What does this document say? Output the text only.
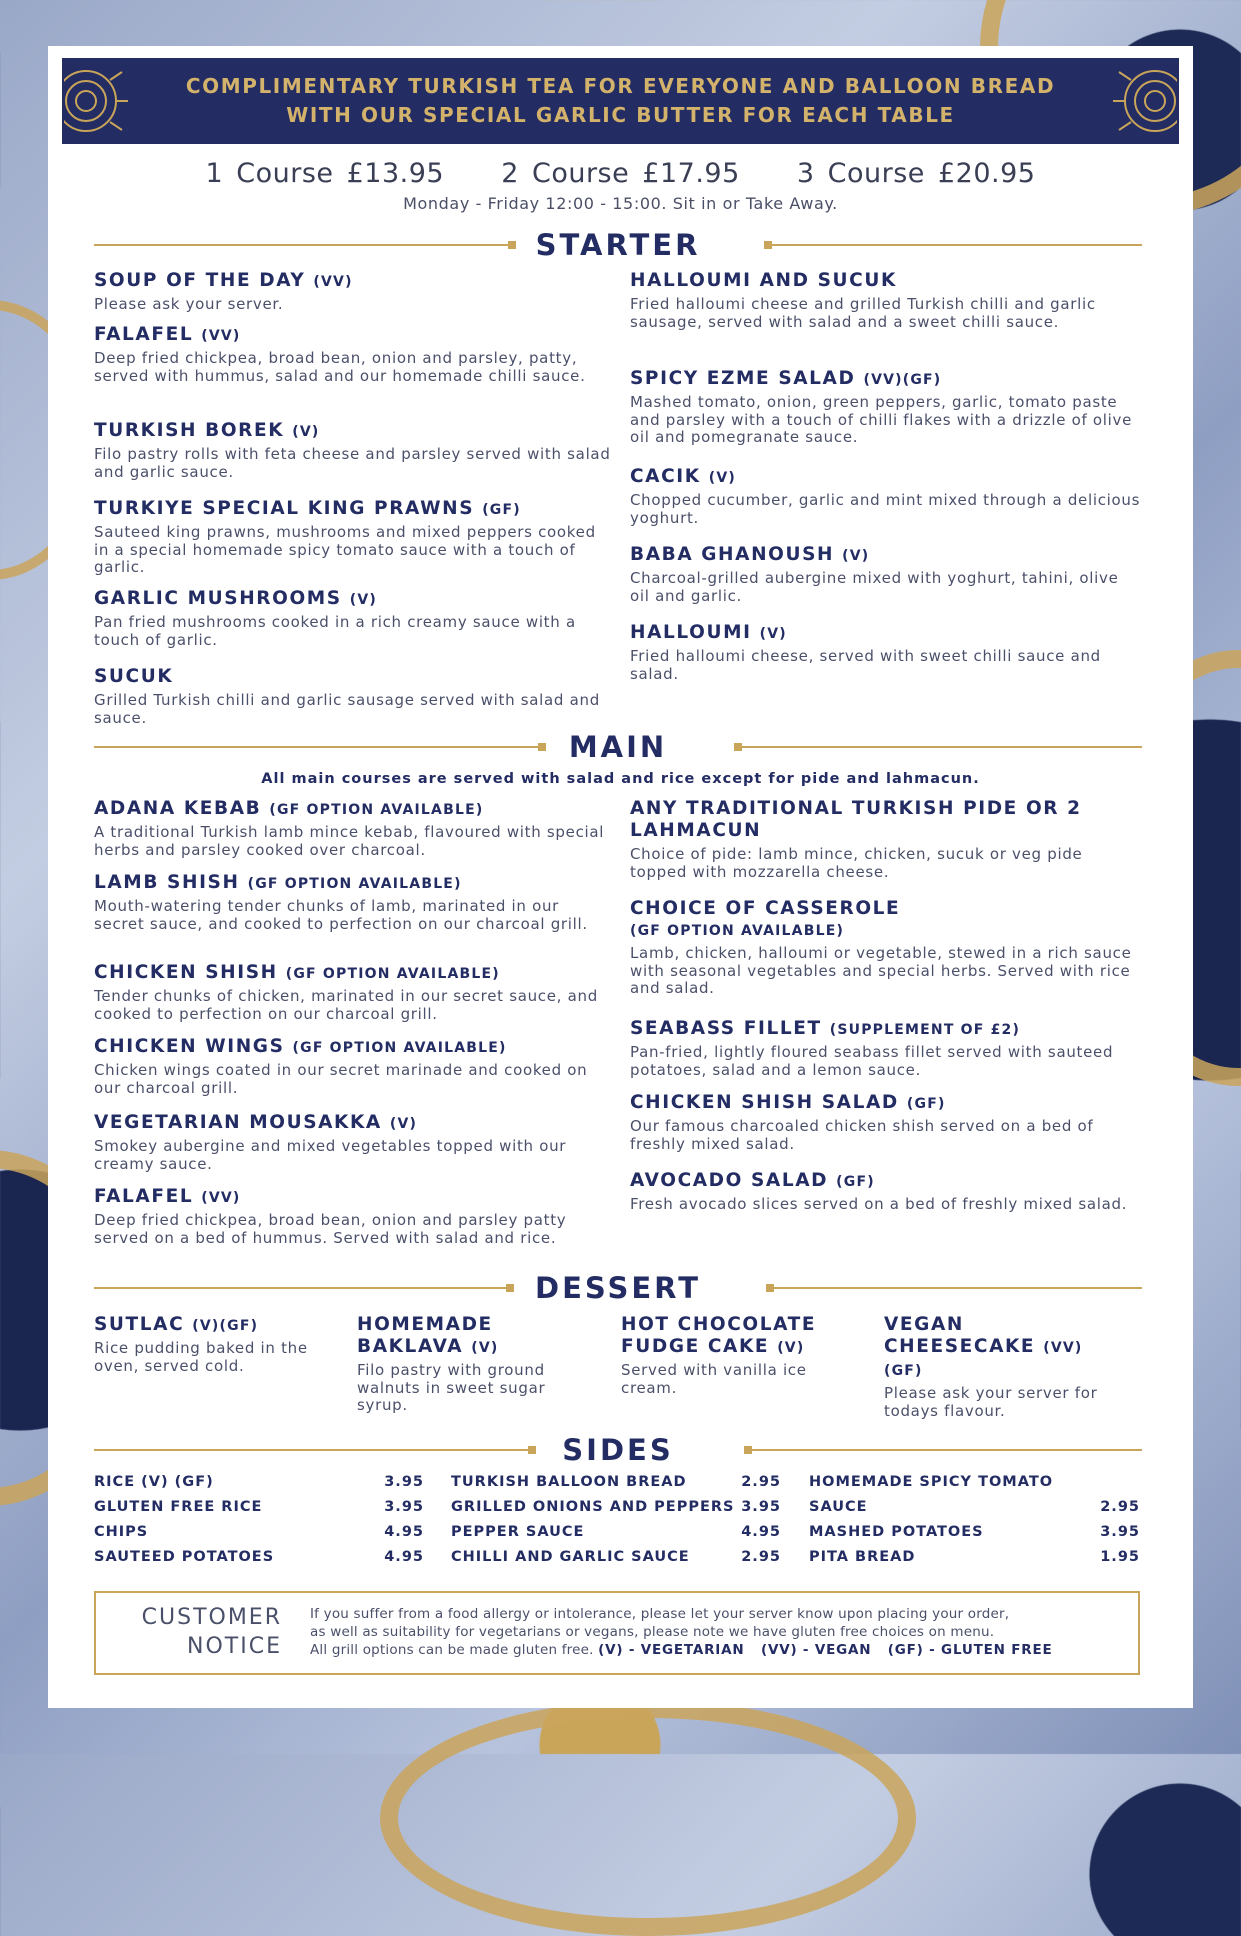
COMPLIMENTARY TURKISH TEA FOR EVERYONE AND BALLOON BREAD
WITH OUR SPECIAL GARLIC BUTTER FOR EACH TABLE
1 Course £13.95 2 Course £17.95 3 Course £20.95
Monday - Friday 12:00 - 15:00. Sit in or Take Away.
STARTER
SOUP OF THE DAY (VV)
Please ask your server.
FALAFEL (VV)
Deep fried chickpea, broad bean, onion and parsley, patty, served with hummus, salad and our homemade chilli sauce.
TURKISH BOREK (V)
Filo pastry rolls with feta cheese and parsley served with salad and garlic sauce.
TURKIYE SPECIAL KING PRAWNS (GF)
Sauteed king prawns, mushrooms and mixed peppers cooked in a special homemade spicy tomato sauce with a touch of garlic.
GARLIC MUSHROOMS (V)
Pan fried mushrooms cooked in a rich creamy sauce with a touch of garlic.
SUCUK
Grilled Turkish chilli and garlic sausage served with salad and sauce.
HALLOUMI AND SUCUK
Fried halloumi cheese and grilled Turkish chilli and garlic sausage, served with salad and a sweet chilli sauce.
SPICY EZME SALAD (VV)(GF)
Mashed tomato, onion, green peppers, garlic, tomato paste and parsley with a touch of chilli flakes with a drizzle of olive oil and pomegranate sauce.
CACIK (V)
Chopped cucumber, garlic and mint mixed through a delicious yoghurt.
BABA GHANOUSH (V)
Charcoal-grilled aubergine mixed with yoghurt, tahini, olive oil and garlic.
HALLOUMI (V)
Fried halloumi cheese, served with sweet chilli sauce and salad.
MAIN
All main courses are served with salad and rice except for pide and lahmacun.
ADANA KEBAB (GF OPTION AVAILABLE)
A traditional Turkish lamb mince kebab, flavoured with special herbs and parsley cooked over charcoal.
LAMB SHISH (GF OPTION AVAILABLE)
Mouth-watering tender chunks of lamb, marinated in our secret sauce, and cooked to perfection on our charcoal grill.
CHICKEN SHISH (GF OPTION AVAILABLE)
Tender chunks of chicken, marinated in our secret sauce, and cooked to perfection on our charcoal grill.
CHICKEN WINGS (GF OPTION AVAILABLE)
Chicken wings coated in our secret marinade and cooked on our charcoal grill.
VEGETARIAN MOUSAKKA (V)
Smokey aubergine and mixed vegetables topped with our creamy sauce.
FALAFEL (VV)
Deep fried chickpea, broad bean, onion and parsley patty served on a bed of hummus. Served with salad and rice.
ANY TRADITIONAL TURKISH PIDE OR 2 LAHMACUN
Choice of pide: lamb mince, chicken, sucuk or veg pide topped with mozzarella cheese.
CHOICE OF CASSEROLE
(GF OPTION AVAILABLE)
Lamb, chicken, halloumi or vegetable, stewed in a rich sauce with seasonal vegetables and special herbs. Served with rice and salad.
SEABASS FILLET (SUPPLEMENT OF £2)
Pan-fried, lightly floured seabass fillet served with sauteed potatoes, salad and a lemon sauce.
CHICKEN SHISH SALAD (GF)
Our famous charcoaled chicken shish served on a bed of freshly mixed salad.
AVOCADO SALAD (GF)
Fresh avocado slices served on a bed of freshly mixed salad.
DESSERT
SUTLAC (V)(GF)
Rice pudding baked in the oven, served cold.
HOMEMADE BAKLAVA (V)
Filo pastry with ground walnuts in sweet sugar syrup.
HOT CHOCOLATE FUDGE CAKE (V)
Served with vanilla ice cream.
VEGAN CHEESECAKE (VV)(GF)
Please ask your server for todays flavour.
SIDES
RICE (V) (GF)	3.95
GLUTEN FREE RICE	3.95
CHIPS	4.95
SAUTEED POTATOES	4.95
TURKISH BALLOON BREAD	2.95
GRILLED ONIONS AND PEPPERS 3.95
PEPPER SAUCE	4.95
CHILLI AND GARLIC SAUCE	2.95
HOMEMADE SPICY TOMATO
SAUCE	2.95
MASHED POTATOES	3.95
PITA BREAD	1.95
CUSTOMER
NOTICE
If you suffer from a food allergy or intolerance, please let your server know upon placing your order,
as well as suitability for vegetarians or vegans, please note we have gluten free choices on menu.
All grill options can be made gluten free. (V) - VEGETARIAN   (VV) - VEGAN   (GF) - GLUTEN FREE
